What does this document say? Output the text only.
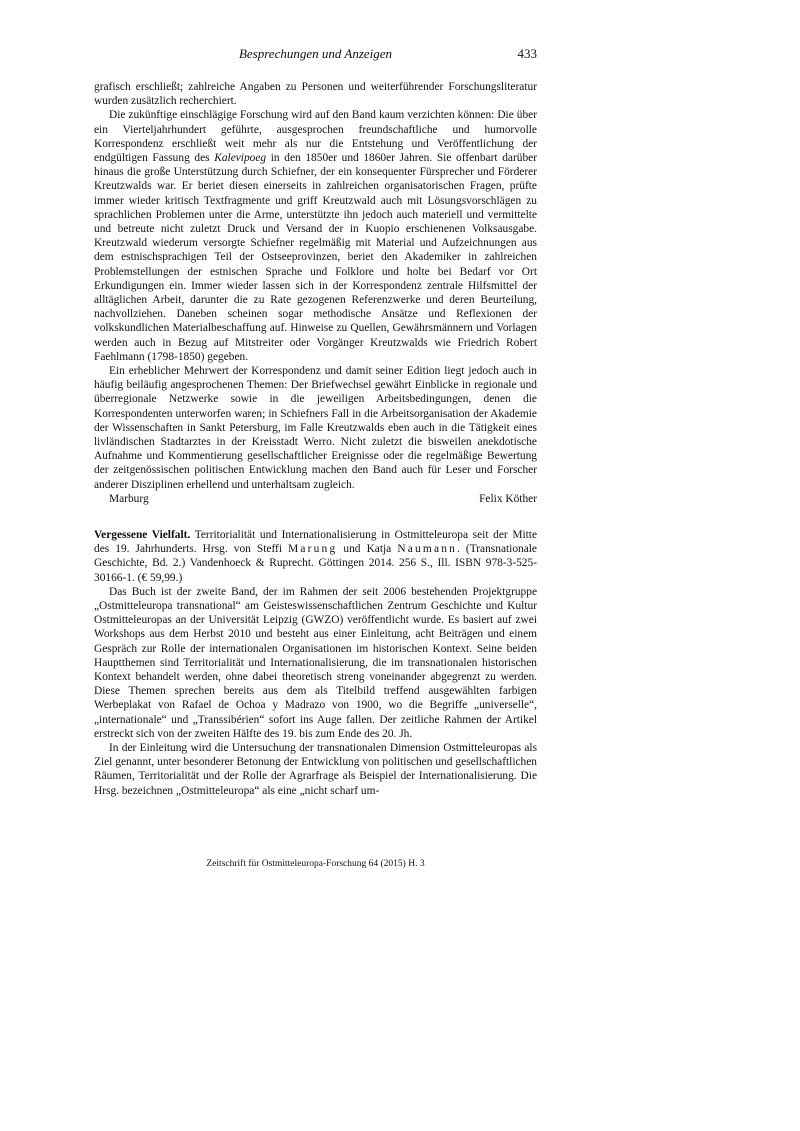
Besprechungen und Anzeigen	433

grafisch erschließt; zahlreiche Angaben zu Personen und weiterführender Forschungsliteratur wurden zusätzlich recherchiert.

Die zukünftige einschlägige Forschung wird auf den Band kaum verzichten können: Die über ein Vierteljahrhundert geführte, ausgesprochen freundschaftliche und humorvolle Korrespondenz erschließt weit mehr als nur die Entstehung und Veröffentlichung der endgültigen Fassung des Kalevipoeg in den 1850er und 1860er Jahren. Sie offenbart darüber hinaus die große Unterstützung durch Schiefner, der ein konsequenter Fürsprecher und Förderer Kreutzwalds war. Er beriet diesen einerseits in zahlreichen organisatorischen Fragen, prüfte immer wieder kritisch Textfragmente und griff Kreutzwald auch mit Lösungsvorschlägen zu sprachlichen Problemen unter die Arme, unterstützte ihn jedoch auch materiell und vermittelte und betreute nicht zuletzt Druck und Versand der in Kuopio erschienenen Volksausgabe. Kreutzwald wiederum versorgte Schiefner regelmäßig mit Material und Aufzeichnungen aus dem estnischsprachigen Teil der Ostseeprovinzen, beriet den Akademiker in zahlreichen Problemstellungen der estnischen Sprache und Folklore und holte bei Bedarf vor Ort Erkundigungen ein. Immer wieder lassen sich in der Korrespondenz zentrale Hilfsmittel der alltäglichen Arbeit, darunter die zu Rate gezogenen Referenzwerke und deren Beurteilung, nachvollziehen. Daneben scheinen sogar methodische Ansätze und Reflexionen der volkskundlichen Materialbeschaffung auf. Hinweise zu Quellen, Gewährsmännern und Vorlagen werden auch in Bezug auf Mitstreiter oder Vorgänger Kreutzwalds wie Friedrich Robert Faehlmann (1798-1850) gegeben.

Ein erheblicher Mehrwert der Korrespondenz und damit seiner Edition liegt jedoch auch in häufig beiläufig angesprochenen Themen: Der Briefwechsel gewährt Einblicke in regionale und überregionale Netzwerke sowie in die jeweiligen Arbeitsbedingungen, denen die Korrespondenten unterworfen waren; in Schiefners Fall in die Arbeitsorganisation der Akademie der Wissenschaften in Sankt Petersburg, im Falle Kreutzwalds eben auch in die Tätigkeit eines livländischen Stadtarztes in der Kreisstadt Werro. Nicht zuletzt die bisweilen anekdotische Aufnahme und Kommentierung gesellschaftlicher Ereignisse oder die regelmäßige Bewertung der zeitgenössischen politischen Entwicklung machen den Band auch für Leser und Forscher anderer Disziplinen erhellend und unterhaltsam zugleich.

Marburg	Felix Köther

Vergessene Vielfalt. Territorialität und Internationalisierung in Ostmitteleuropa seit der Mitte des 19. Jahrhunderts. Hrsg. von Steffi Marung und Katja Naumann. (Transnationale Geschichte, Bd. 2.) Vandenhoeck & Ruprecht. Göttingen 2014. 256 S., Ill. ISBN 978-3-525-30166-1. (€ 59,99.)

Das Buch ist der zweite Band, der im Rahmen der seit 2006 bestehenden Projektgruppe „Ostmitteleuropa transnational“ am Geisteswissenschaftlichen Zentrum Geschichte und Kultur Ostmitteleuropas an der Universität Leipzig (GWZO) veröffentlicht wurde. Es basiert auf zwei Workshops aus dem Herbst 2010 und besteht aus einer Einleitung, acht Beiträgen und einem Gespräch zur Rolle der internationalen Organisationen im historischen Kontext. Seine beiden Hauptthemen sind Territorialität und Internationalisierung, die im transnationalen historischen Kontext behandelt werden, ohne dabei theoretisch streng voneinander abgegrenzt zu werden. Diese Themen sprechen bereits aus dem als Titelbild treffend ausgewählten farbigen Werbeplakat von Rafael de Ochoa y Madrazo von 1900, wo die Begriffe „universelle“, „internationale“ und „Transsibérien“ sofort ins Auge fallen. Der zeitliche Rahmen der Artikel erstreckt sich von der zweiten Hälfte des 19. bis zum Ende des 20. Jh.

In der Einleitung wird die Untersuchung der transnationalen Dimension Ostmitteleuropas als Ziel genannt, unter besonderer Betonung der Entwicklung von politischen und gesellschaftlichen Räumen, Territorialität und der Rolle der Agrarfrage als Beispiel der Internationalisierung. Die Hrsg. bezeichnen „Ostmitteleuropa“ als eine „nicht scharf um-

Zeitschrift für Ostmitteleuropa-Forschung 64 (2015) H. 3
